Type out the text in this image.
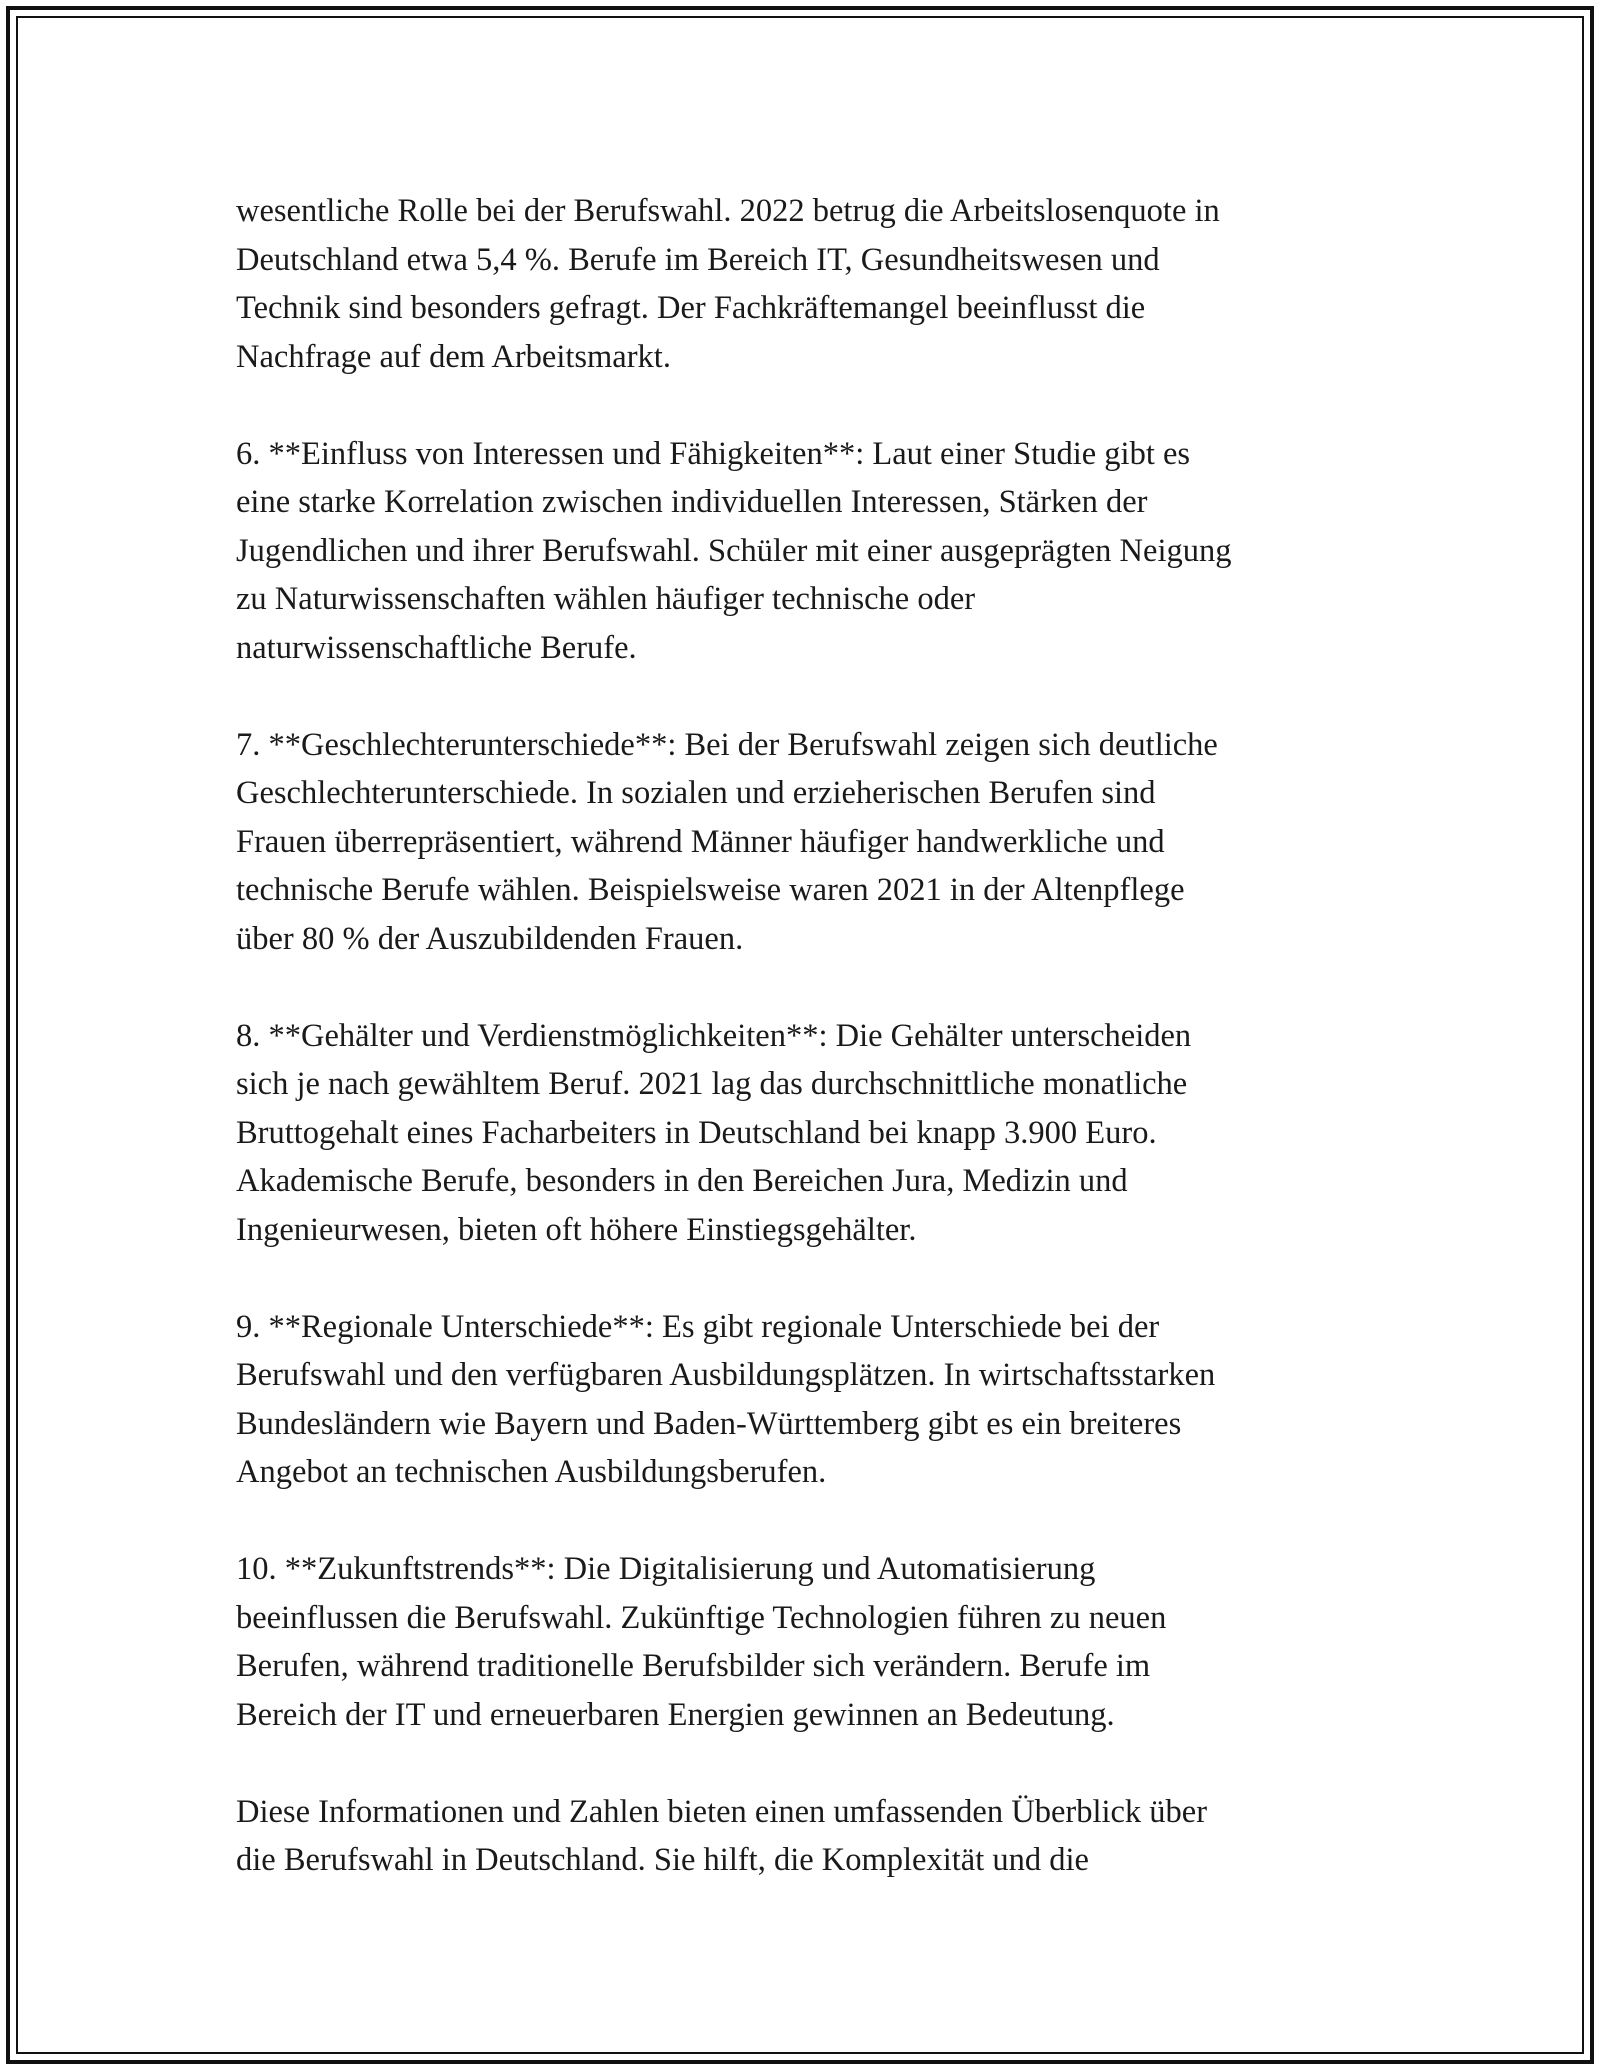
wesentliche Rolle bei der Berufswahl. 2022 betrug die Arbeitslosenquote in
Deutschland etwa 5,4 %. Berufe im Bereich IT, Gesundheitswesen und
Technik sind besonders gefragt. Der Fachkräftemangel beeinflusst die
Nachfrage auf dem Arbeitsmarkt.

6. **Einfluss von Interessen und Fähigkeiten**: Laut einer Studie gibt es
eine starke Korrelation zwischen individuellen Interessen, Stärken der
Jugendlichen und ihrer Berufswahl. Schüler mit einer ausgeprägten Neigung
zu Naturwissenschaften wählen häufiger technische oder
naturwissenschaftliche Berufe.

7. **Geschlechterunterschiede**: Bei der Berufswahl zeigen sich deutliche
Geschlechterunterschiede. In sozialen und erzieherischen Berufen sind
Frauen überrepräsentiert, während Männer häufiger handwerkliche und
technische Berufe wählen. Beispielsweise waren 2021 in der Altenpflege
über 80 % der Auszubildenden Frauen.

8. **Gehälter und Verdienstmöglichkeiten**: Die Gehälter unterscheiden
sich je nach gewähltem Beruf. 2021 lag das durchschnittliche monatliche
Bruttogehalt eines Facharbeiters in Deutschland bei knapp 3.900 Euro.
Akademische Berufe, besonders in den Bereichen Jura, Medizin und
Ingenieurwesen, bieten oft höhere Einstiegsgehälter.

9. **Regionale Unterschiede**: Es gibt regionale Unterschiede bei der
Berufswahl und den verfügbaren Ausbildungsplätzen. In wirtschaftsstarken
Bundesländern wie Bayern und Baden-Württemberg gibt es ein breiteres
Angebot an technischen Ausbildungsberufen.

10. **Zukunftstrends**: Die Digitalisierung und Automatisierung
beeinflussen die Berufswahl. Zukünftige Technologien führen zu neuen
Berufen, während traditionelle Berufsbilder sich verändern. Berufe im
Bereich der IT und erneuerbaren Energien gewinnen an Bedeutung.

Diese Informationen und Zahlen bieten einen umfassenden Überblick über
die Berufswahl in Deutschland. Sie hilft, die Komplexität und die
